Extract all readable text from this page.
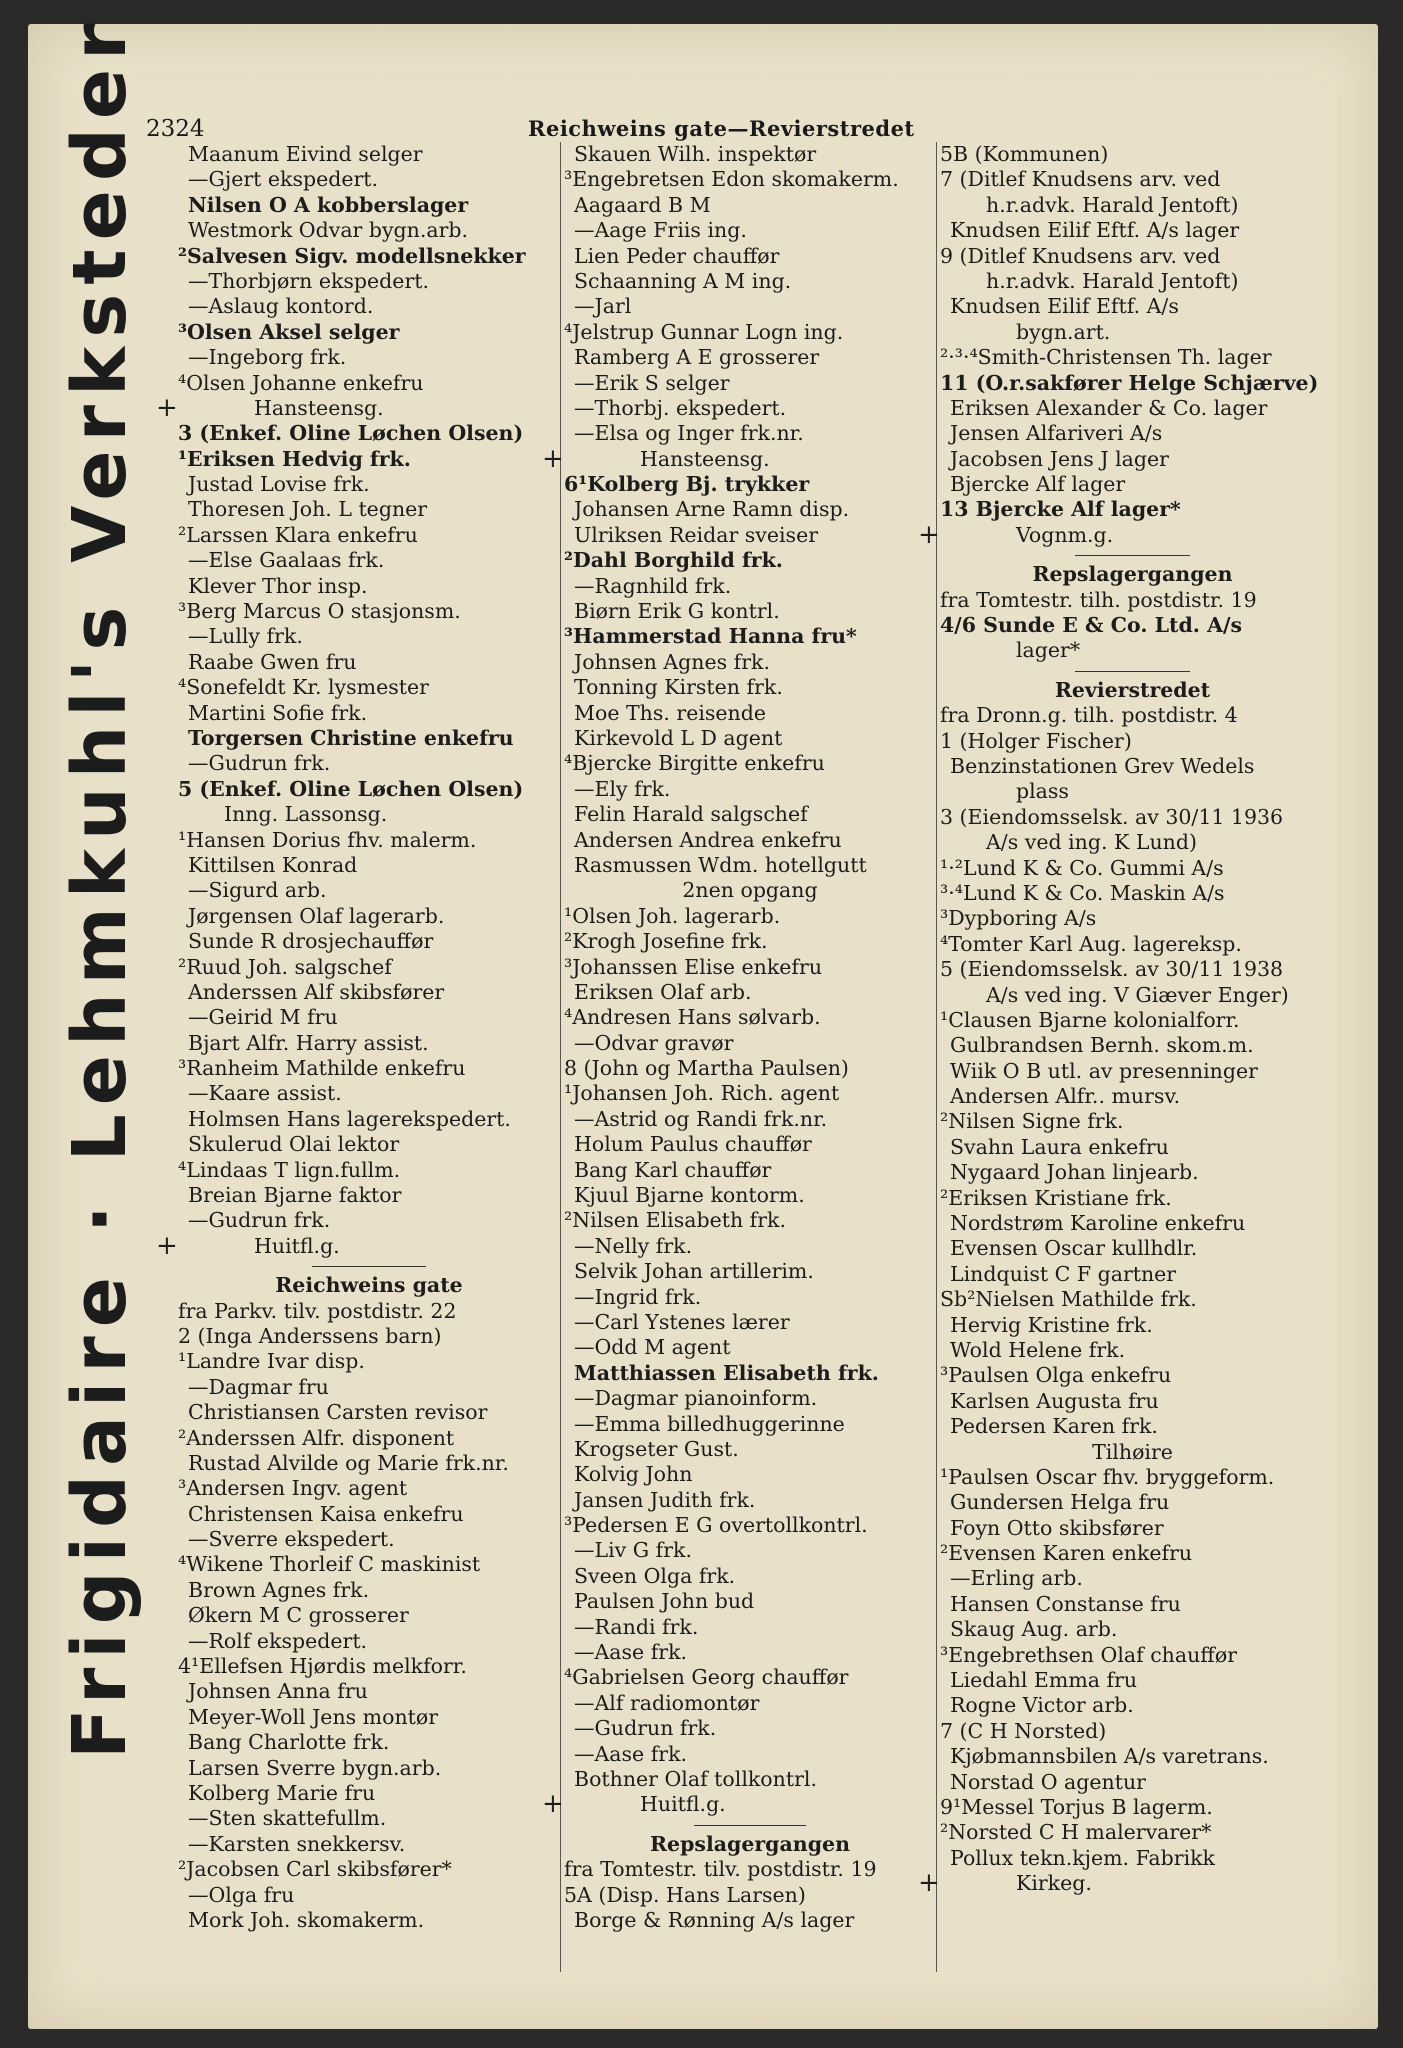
2324	Reichweins gate—Revierstredet
Frigidaire · Lehmkuhl's Verksteder	Maanum Eivind selger
—Gjert ekspedert.
Nilsen O A kobberslager
Westmork Odvar bygn.arb.
²Salvesen Sigv. modellsnekker
—Thorbjørn ekspedert.
—Aslaug kontord.
³Olsen Aksel selger
—Ingeborg frk.
⁴Olsen Johanne enkefru
+	Hansteensg.
3 (Enkef. Oline Løchen Olsen)
¹Eriksen Hedvig frk.
Justad Lovise frk.
Thoresen Joh. L tegner
²Larssen Klara enkefru
—Else Gaalaas frk.
Klever Thor insp.
³Berg Marcus O stasjonsm.
—Lully frk.
Raabe Gwen fru
⁴Sonefeldt Kr. lysmester
Martini Sofie frk.
Torgersen Christine enkefru
—Gudrun frk.
5 (Enkef. Oline Løchen Olsen)
Inng. Lassonsg.
¹Hansen Dorius fhv. malerm.
Kittilsen Konrad
—Sigurd arb.
Jørgensen Olaf lagerarb.
Sunde R drosjechauffør
²Ruud Joh. salgschef
Anderssen Alf skibsfører
—Geirid M fru
Bjart Alfr. Harry assist.
³Ranheim Mathilde enkefru
—Kaare assist.
Holmsen Hans lagerekspedert.
Skulerud Olai lektor
⁴Lindaas T lign.fullm.
Breian Bjarne faktor
—Gudrun frk.
+	Huitfl.g.
Reichweins gate
fra Parkv. tilv. postdistr. 22
2 (Inga Anderssens barn)
¹Landre Ivar disp.
—Dagmar fru
Christiansen Carsten revisor
²Anderssen Alfr. disponent
Rustad Alvilde og Marie frk.nr.
³Andersen Ingv. agent
Christensen Kaisa enkefru
—Sverre ekspedert.
⁴Wikene Thorleif C maskinist
Brown Agnes frk.
Økern M C grosserer
—Rolf ekspedert.
4¹Ellefsen Hjørdis melkforr.
Johnsen Anna fru
Meyer-Woll Jens montør
Bang Charlotte frk.
Larsen Sverre bygn.arb.
Kolberg Marie fru
—Sten skattefullm.
—Karsten snekkersv.
²Jacobsen Carl skibsfører*
—Olga fru
Mork Joh. skomakerm.
Skauen Wilh. inspektør
³Engebretsen Edon skomakerm.
Aagaard B M
—Aage Friis ing.
Lien Peder chauffør
Schaanning A M ing.
—Jarl
⁴Jelstrup Gunnar Logn ing.
Ramberg A E grosserer
—Erik S selger
—Thorbj. ekspedert.
—Elsa og Inger frk.nr.
+	Hansteensg.
6¹Kolberg Bj. trykker
Johansen Arne Ramn disp.
Ulriksen Reidar sveiser
²Dahl Borghild frk.
—Ragnhild frk.
Biørn Erik G kontrl.
³Hammerstad Hanna fru*
Johnsen Agnes frk.
Tonning Kirsten frk.
Moe Ths. reisende
Kirkevold L D agent
⁴Bjercke Birgitte enkefru
—Ely frk.
Felin Harald salgschef
Andersen Andrea enkefru
Rasmussen Wdm. hotellgutt
2nen opgang
¹Olsen Joh. lagerarb.
²Krogh Josefine frk.
³Johanssen Elise enkefru
Eriksen Olaf arb.
⁴Andresen Hans sølvarb.
—Odvar gravør
8 (John og Martha Paulsen)
¹Johansen Joh. Rich. agent
—Astrid og Randi frk.nr.
Holum Paulus chauffør
Bang Karl chauffør
Kjuul Bjarne kontorm.
²Nilsen Elisabeth frk.
—Nelly frk.
Selvik Johan artillerim.
—Ingrid frk.
—Carl Ystenes lærer
—Odd M agent
Matthiassen Elisabeth frk.
—Dagmar pianoinform.
—Emma billedhuggerinne
Krogseter Gust.
Kolvig John
Jansen Judith frk.
³Pedersen E G overtollkontrl.
—Liv G frk.
Sveen Olga frk.
Paulsen John bud
—Randi frk.
—Aase frk.
⁴Gabrielsen Georg chauffør
—Alf radiomontør
—Gudrun frk.
—Aase frk.
Bothner Olaf tollkontrl.
+	Huitfl.g.
Repslagergangen
fra Tomtestr. tilv. postdistr. 19
5A (Disp. Hans Larsen)
Borge & Rønning A/s lager
5B (Kommunen)
7 (Ditlef Knudsens arv. ved
h.r.advk. Harald Jentoft)
Knudsen Eilif Eftf. A/s lager
9 (Ditlef Knudsens arv. ved
h.r.advk. Harald Jentoft)
Knudsen Eilif Eftf. A/s
bygn.art.
²·³·⁴Smith-Christensen Th. lager
11 (O.r.sakfører Helge Schjærve)
Eriksen Alexander & Co. lager
Jensen Alfariveri A/s
Jacobsen Jens J lager
Bjercke Alf lager
13 Bjercke Alf lager*
+	Vognm.g.
Repslagergangen
fra Tomtestr. tilh. postdistr. 19
4/6 Sunde E & Co. Ltd. A/s
lager*
Revierstredet
fra Dronn.g. tilh. postdistr. 4
1 (Holger Fischer)
Benzinstationen Grev Wedels
plass
3 (Eiendomsselsk. av 30/11 1936
A/s ved ing. K Lund)
¹·²Lund K & Co. Gummi A/s
³·⁴Lund K & Co. Maskin A/s
³Dypboring A/s
⁴Tomter Karl Aug. lagereksp.
5 (Eiendomsselsk. av 30/11 1938
A/s ved ing. V Giæver Enger)
¹Clausen Bjarne kolonialforr.
Gulbrandsen Bernh. skom.m.
Wiik O B utl. av presenninger
Andersen Alfr.. mursv.
²Nilsen Signe frk.
Svahn Laura enkefru
Nygaard Johan linjearb.
²Eriksen Kristiane frk.
Nordstrøm Karoline enkefru
Evensen Oscar kullhdlr.
Lindquist C F gartner
Sb²Nielsen Mathilde frk.
Hervig Kristine frk.
Wold Helene frk.
³Paulsen Olga enkefru
Karlsen Augusta fru
Pedersen Karen frk.
Tilhøire
¹Paulsen Oscar fhv. bryggeform.
Gundersen Helga fru
Foyn Otto skibsfører
²Evensen Karen enkefru
—Erling arb.
Hansen Constanse fru
Skaug Aug. arb.
³Engebrethsen Olaf chauffør
Liedahl Emma fru
Rogne Victor arb.
7 (C H Norsted)
Kjøbmannsbilen A/s varetrans.
Norstad O agentur
9¹Messel Torjus B lagerm.
²Norsted C H malervarer*
Pollux tekn.kjem. Fabrikk
+	Kirkeg.
